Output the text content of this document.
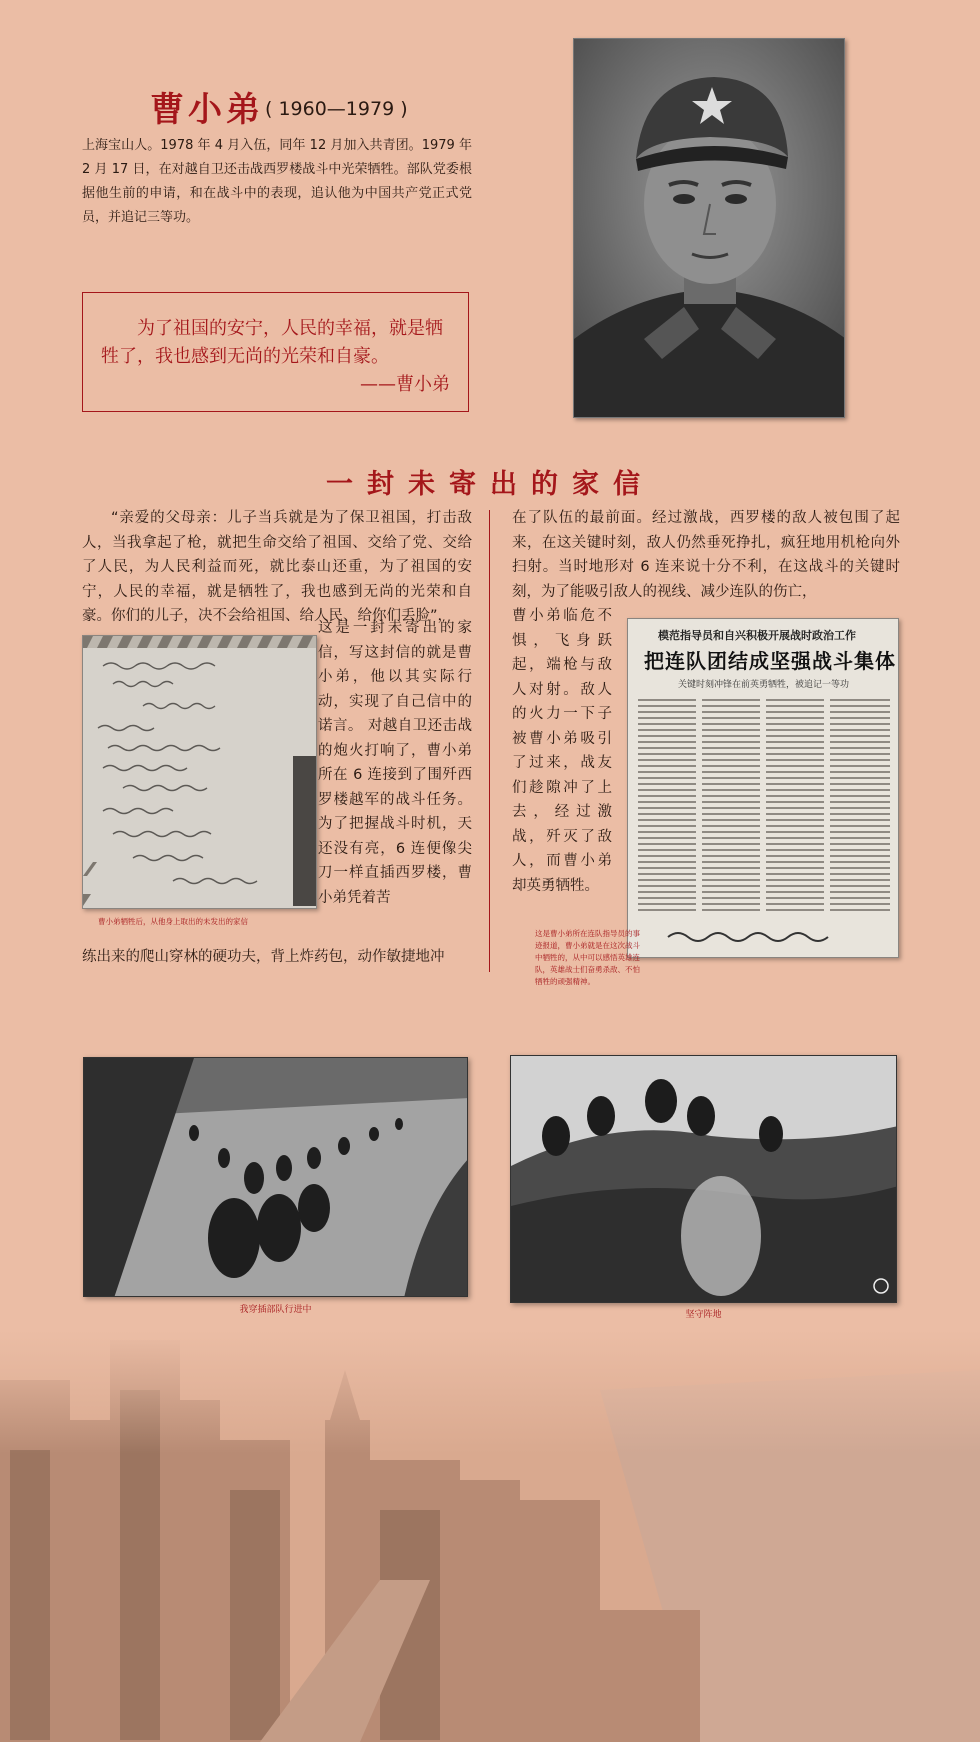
曹小弟 ( 1960—1979 )
上海宝山人。1978 年 4 月入伍，同年 12 月加入共青团。1979 年 2 月 17 日，在对越自卫还击战西罗楼战斗中光荣牺牲。部队党委根据他生前的申请，和在战斗中的表现，追认他为中国共产党正式党员，并追记三等功。
为了祖国的安宁，人民的幸福，就是牺牲了，我也感到无尚的光荣和自豪。
——曹小弟
一封未寄出的家信
“亲爱的父母亲：儿子当兵就是为了保卫祖国，打击敌人，当我拿起了枪，就把生命交给了祖国、交给了党、交给了人民，为人民利益而死，就比泰山还重，为了祖国的安宁，人民的幸福，就是牺牲了，我也感到无尚的光荣和自豪。你们的儿子，决不会给祖国、给人民、给你们丢脸”，
曹小弟牺牲后，从他身上取出的未发出的家信
这是一封未寄出的家信，写这封信的就是曹小弟，他以其实际行动，实现了自己信中的诺言。 对越自卫还击战的炮火打响了，曹小弟所在 6 连接到了围歼西罗楼越军的战斗任务。为了把握战斗时机，天还没有亮，6 连便像尖刀一样直插西罗楼，曹小弟凭着苦
练出来的爬山穿林的硬功夫，背上炸药包，动作敏捷地冲
在了队伍的最前面。经过激战，西罗楼的敌人被包围了起来，在这关键时刻，敌人仍然垂死挣扎，疯狂地用机枪向外扫射。当时地形对 6 连来说十分不利，在这战斗的关键时刻，为了能吸引敌人的视线、减少连队的伤亡，
曹小弟临危不惧，飞身跃起，端枪与敌人对射。敌人的火力一下子被曹小弟吸引了过来，战友们趁隙冲了上去，经过激战，歼灭了敌人，而曹小弟却英勇牺牲。
模范指导员和自兴积极开展战时政治工作
把连队团结成坚强战斗集体
关键时刻冲锋在前英勇牺牲，被追记一等功
这是曹小弟所在连队指导员的事迹报道，曹小弟就是在这次战斗中牺牲的，从中可以感悟英雄连队，英雄战士们奋勇杀敌、不怕牺牲的顽强精神。
我穿插部队行进中	坚守阵地
